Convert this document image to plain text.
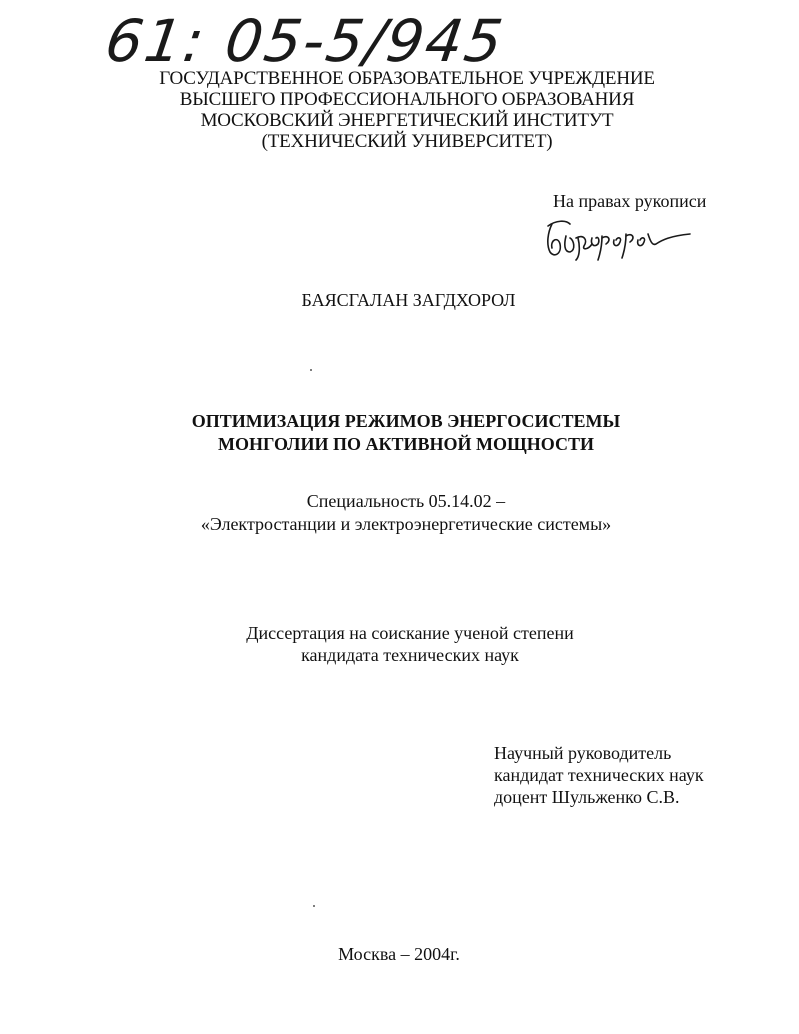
61: 05-5/945
ГОСУДАРСТВЕННОЕ ОБРАЗОВАТЕЛЬНОЕ УЧРЕЖДЕНИЕ
ВЫСШЕГО ПРОФЕССИОНАЛЬНОГО ОБРАЗОВАНИЯ
МОСКОВСКИЙ ЭНЕРГЕТИЧЕСКИЙ ИНСТИТУТ
(ТЕХНИЧЕСКИЙ УНИВЕРСИТЕТ)
На правах рукописи
БАЯСГАЛАН ЗАГДХОРОЛ
ОПТИМИЗАЦИЯ РЕЖИМОВ ЭНЕРГОСИСТЕМЫ
МОНГОЛИИ ПО АКТИВНОЙ МОЩНОСТИ
Специальность 05.14.02 –
«Электростанции и электроэнергетические системы»
Диссертация на соискание ученой степени
кандидата технических наук
Научный руководитель
кандидат технических наук
доцент Шульженко С.В.
Москва – 2004г.
